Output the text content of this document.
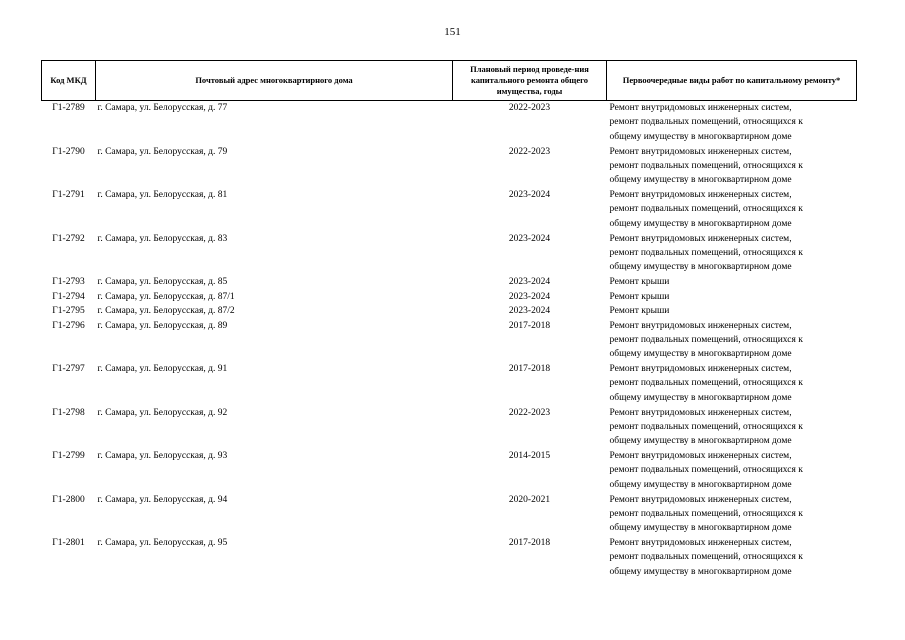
151
Код МКД	Почтовый адрес многоквартирного дома	Плановый период проведе-ния капитального ремонта общего имущества, годы	Первоочередные виды работ по капитальному ремонту*
Г1-2789	г. Самара, ул. Белорусская, д. 77	2022-2023	Ремонт внутридомовых инженерных систем,
ремонт подвальных помещений, относящихся к
общему имуществу в многоквартирном доме

Г1-2790	г. Самара, ул. Белорусская, д. 79	2022-2023	Ремонт внутридомовых инженерных систем,
ремонт подвальных помещений, относящихся к
общему имуществу в многоквартирном доме

Г1-2791	г. Самара, ул. Белорусская, д. 81	2023-2024	Ремонт внутридомовых инженерных систем,
ремонт подвальных помещений, относящихся к
общему имуществу в многоквартирном доме

Г1-2792	г. Самара, ул. Белорусская, д. 83	2023-2024	Ремонт внутридомовых инженерных систем,
ремонт подвальных помещений, относящихся к
общему имуществу в многоквартирном доме

Г1-2793	г. Самара, ул. Белорусская, д. 85	2023-2024	Ремонт крыши

Г1-2794	г. Самара, ул. Белорусская, д. 87/1	2023-2024	Ремонт крыши

Г1-2795	г. Самара, ул. Белорусская, д. 87/2	2023-2024	Ремонт крыши

Г1-2796	г. Самара, ул. Белорусская, д. 89	2017-2018	Ремонт внутридомовых инженерных систем,
ремонт подвальных помещений, относящихся к
общему имуществу в многоквартирном доме

Г1-2797	г. Самара, ул. Белорусская, д. 91	2017-2018	Ремонт внутридомовых инженерных систем,
ремонт подвальных помещений, относящихся к
общему имуществу в многоквартирном доме

Г1-2798	г. Самара, ул. Белорусская, д. 92	2022-2023	Ремонт внутридомовых инженерных систем,
ремонт подвальных помещений, относящихся к
общему имуществу в многоквартирном доме

Г1-2799	г. Самара, ул. Белорусская, д. 93	2014-2015	Ремонт внутридомовых инженерных систем,
ремонт подвальных помещений, относящихся к
общему имуществу в многоквартирном доме

Г1-2800	г. Самара, ул. Белорусская, д. 94	2020-2021	Ремонт внутридомовых инженерных систем,
ремонт подвальных помещений, относящихся к
общему имуществу в многоквартирном доме

Г1-2801	г. Самара, ул. Белорусская, д. 95	2017-2018	Ремонт внутридомовых инженерных систем,
ремонт подвальных помещений, относящихся к
общему имуществу в многоквартирном доме
